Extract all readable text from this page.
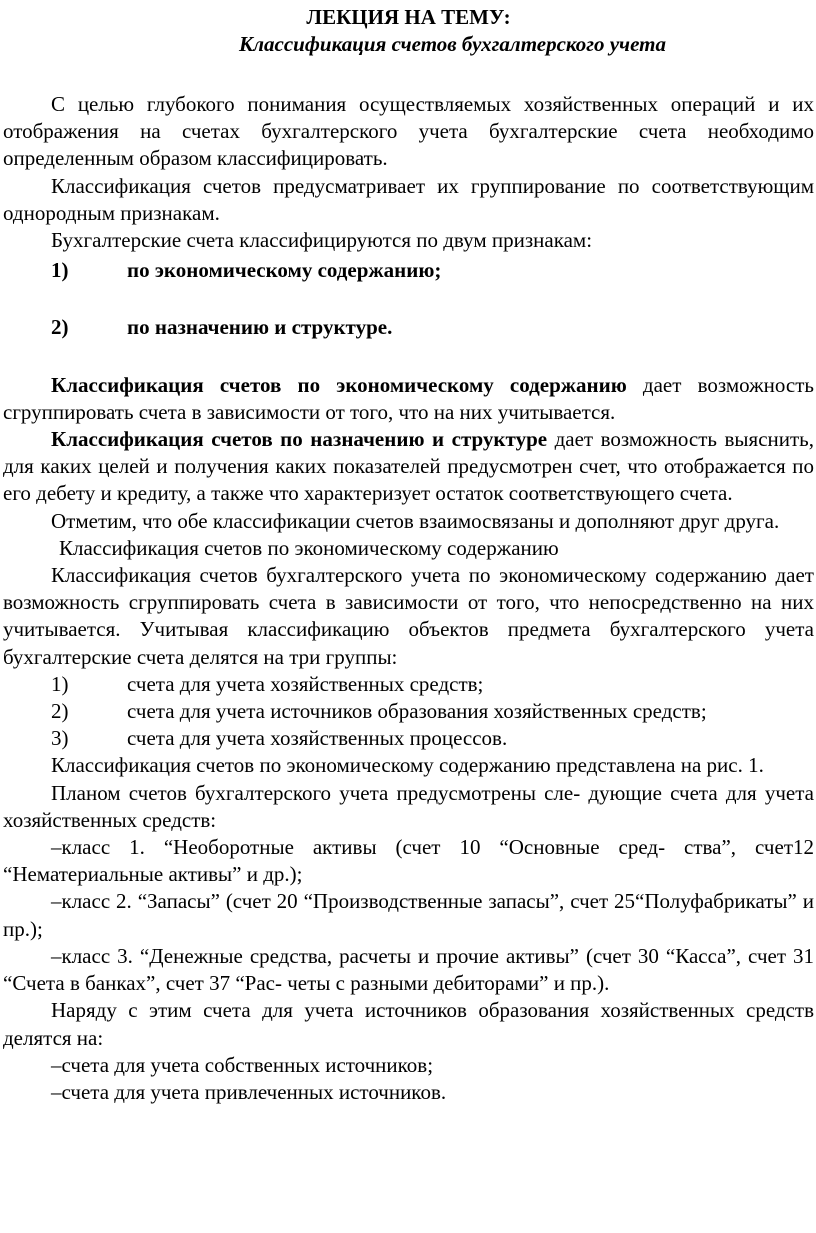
ЛЕКЦИЯ НА ТЕМУ:
Классификация счетов бухгалтерского учета

С целью глубокого понимания осуществляемых хозяйственных операций и их отображения на счетах бухгалтерского учета бухгалтерские счета необходимо определенным образом классифицировать.

Классификация счетов предусматривает их группирование по соответствующим однородным признакам.

Бухгалтерские счета классифицируются по двум признакам:

1)	по экономическому содержанию;
2)	по назначению и структуре.

Классификация счетов по экономическому содержанию дает возможность сгруппировать счета в зависимости от того, что на них учитывается.

Классификация счетов по назначению и структуре дает возможность выяснить, для каких целей и получения каких показателей предусмотрен счет, что отображается по его дебету и кредиту, а также что характеризует остаток соответствующего счета.

Отметим, что обе классификации счетов взаимосвязаны и дополняют друг друга.

Классификация счетов по экономическому содержанию

Классификация счетов бухгалтерского учета по экономическому содержанию дает возможность сгруппировать счета в зависимости от того, что непосредственно на них учитывается. Учитывая классификацию объектов предмета бухгалтерского учета бухгалтерские счета делятся на три группы:

1)	счета для учета хозяйственных средств;
2)	счета для учета источников образования хозяйственных средств;
3)	счета для учета хозяйственных процессов.

Классификация счетов по экономическому содержанию представлена на рис. 1.

Планом счетов бухгалтерского учета предусмотрены сле- дующие счета для учета хозяйственных средств:

–класс 1. “Необоротные активы (счет 10 “Основные сред- ства”, счет12 “Нематериальные активы” и др.);

–класс 2. “Запасы” (счет 20 “Производственные запасы”, счет 25“Полуфабрикаты” и пр.);

–класс 3. “Денежные средства, расчеты и прочие активы” (счет 30 “Касса”, счет 31 “Счета в банках”, счет 37 “Рас- четы с разными дебиторами” и пр.).

Наряду с этим счета для учета источников образования хозяйственных средств делятся на:

–счета для учета собственных источников;

–счета для учета привлеченных источников.
